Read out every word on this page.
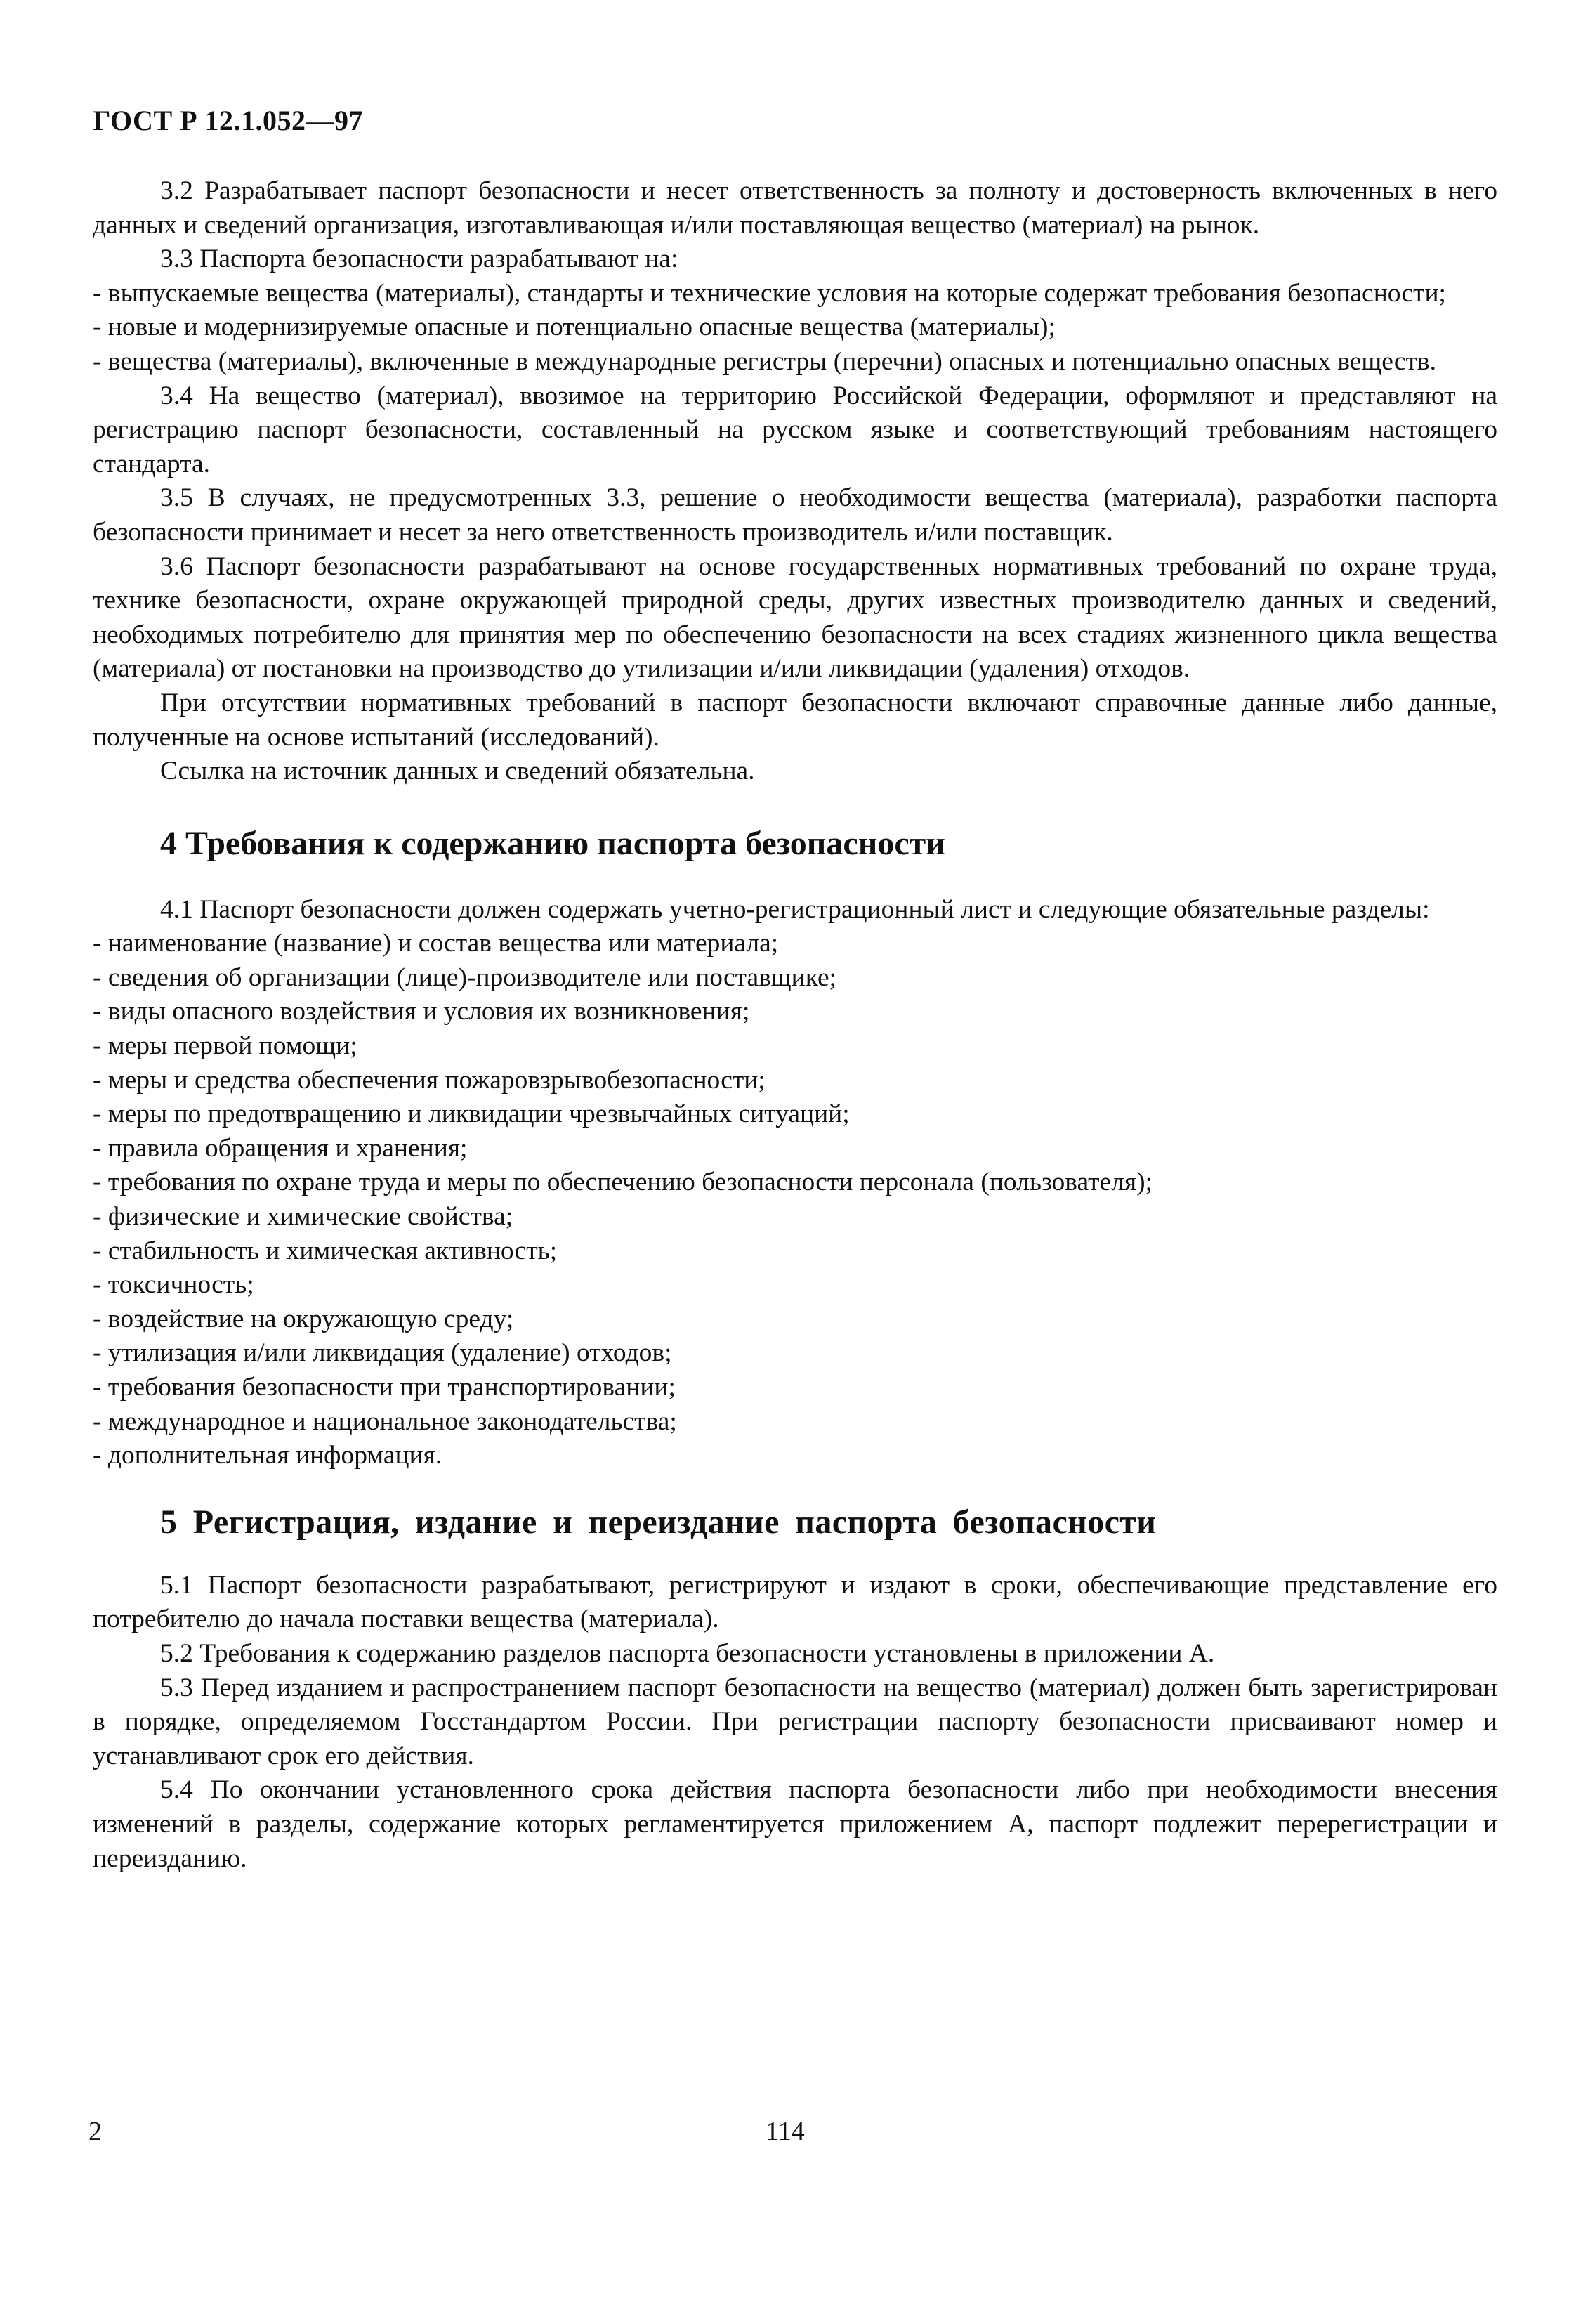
ГОСТ Р 12.1.052—97

3.2 Разрабатывает паспорт безопасности и несет ответственность за полноту и достоверность включенных в него данных и сведений организация, изготавливающая и/или поставляющая вещество (материал) на рынок.

3.3 Паспорта безопасности разрабатывают на:

- выпускаемые вещества (материалы), стандарты и технические условия на которые содержат требования безопасности;

- новые и модернизируемые опасные и потенциально опасные вещества (материалы);

- вещества (материалы), включенные в международные регистры (перечни) опасных и потенциально опасных веществ.

3.4 На вещество (материал), ввозимое на территорию Российской Федерации, оформляют и представляют на регистрацию паспорт безопасности, составленный на русском языке и соответствующий требованиям настоящего стандарта.

3.5 В случаях, не предусмотренных 3.3, решение о необходимости вещества (материала), разработки паспорта безопасности принимает и несет за него ответственность производитель и/или поставщик.

3.6 Паспорт безопасности разрабатывают на основе государственных нормативных требований по охране труда, технике безопасности, охране окружающей природной среды, других известных производителю данных и сведений, необходимых потребителю для принятия мер по обеспечению безопасности на всех стадиях жизненного цикла вещества (материала) от постановки на производство до утилизации и/или ликвидации (удаления) отходов.

При отсутствии нормативных требований в паспорт безопасности включают справочные данные либо данные, полученные на основе испытаний (исследований).

Ссылка на источник данных и сведений обязательна.

4 Требования к содержанию паспорта безопасности

4.1 Паспорт безопасности должен содержать учетно-регистрационный лист и следующие обязательные разделы:

- наименование (название) и состав вещества или материала;

- сведения об организации (лице)-производителе или поставщике;

- виды опасного воздействия и условия их возникновения;

- меры первой помощи;

- меры и средства обеспечения пожаровзрывобезопасности;

- меры по предотвращению и ликвидации чрезвычайных ситуаций;

- правила обращения и хранения;

- требования по охране труда и меры по обеспечению безопасности персонала (пользователя);

- физические и химические свойства;

- стабильность и химическая активность;

- токсичность;

- воздействие на окружающую среду;

- утилизация и/или ликвидация (удаление) отходов;

- требования безопасности при транспортировании;

- международное и национальное законодательства;

- дополнительная информация.

5 Регистрация, издание и переиздание паспорта безопасности

5.1 Паспорт безопасности разрабатывают, регистрируют и издают в сроки, обеспечивающие представление его потребителю до начала поставки вещества (материала).

5.2 Требования к содержанию разделов паспорта безопасности установлены в приложении А.

5.3 Перед изданием и распространением паспорт безопасности на вещество (материал) должен быть зарегистрирован в порядке, определяемом Госстандартом России. При регистрации паспорту безопасности присваивают номер и устанавливают срок его действия.

5.4 По окончании установленного срока действия паспорта безопасности либо при необходимости внесения изменений в разделы, содержание которых регламентируется приложением А, паспорт подлежит перерегистрации и переизданию.

2	114
